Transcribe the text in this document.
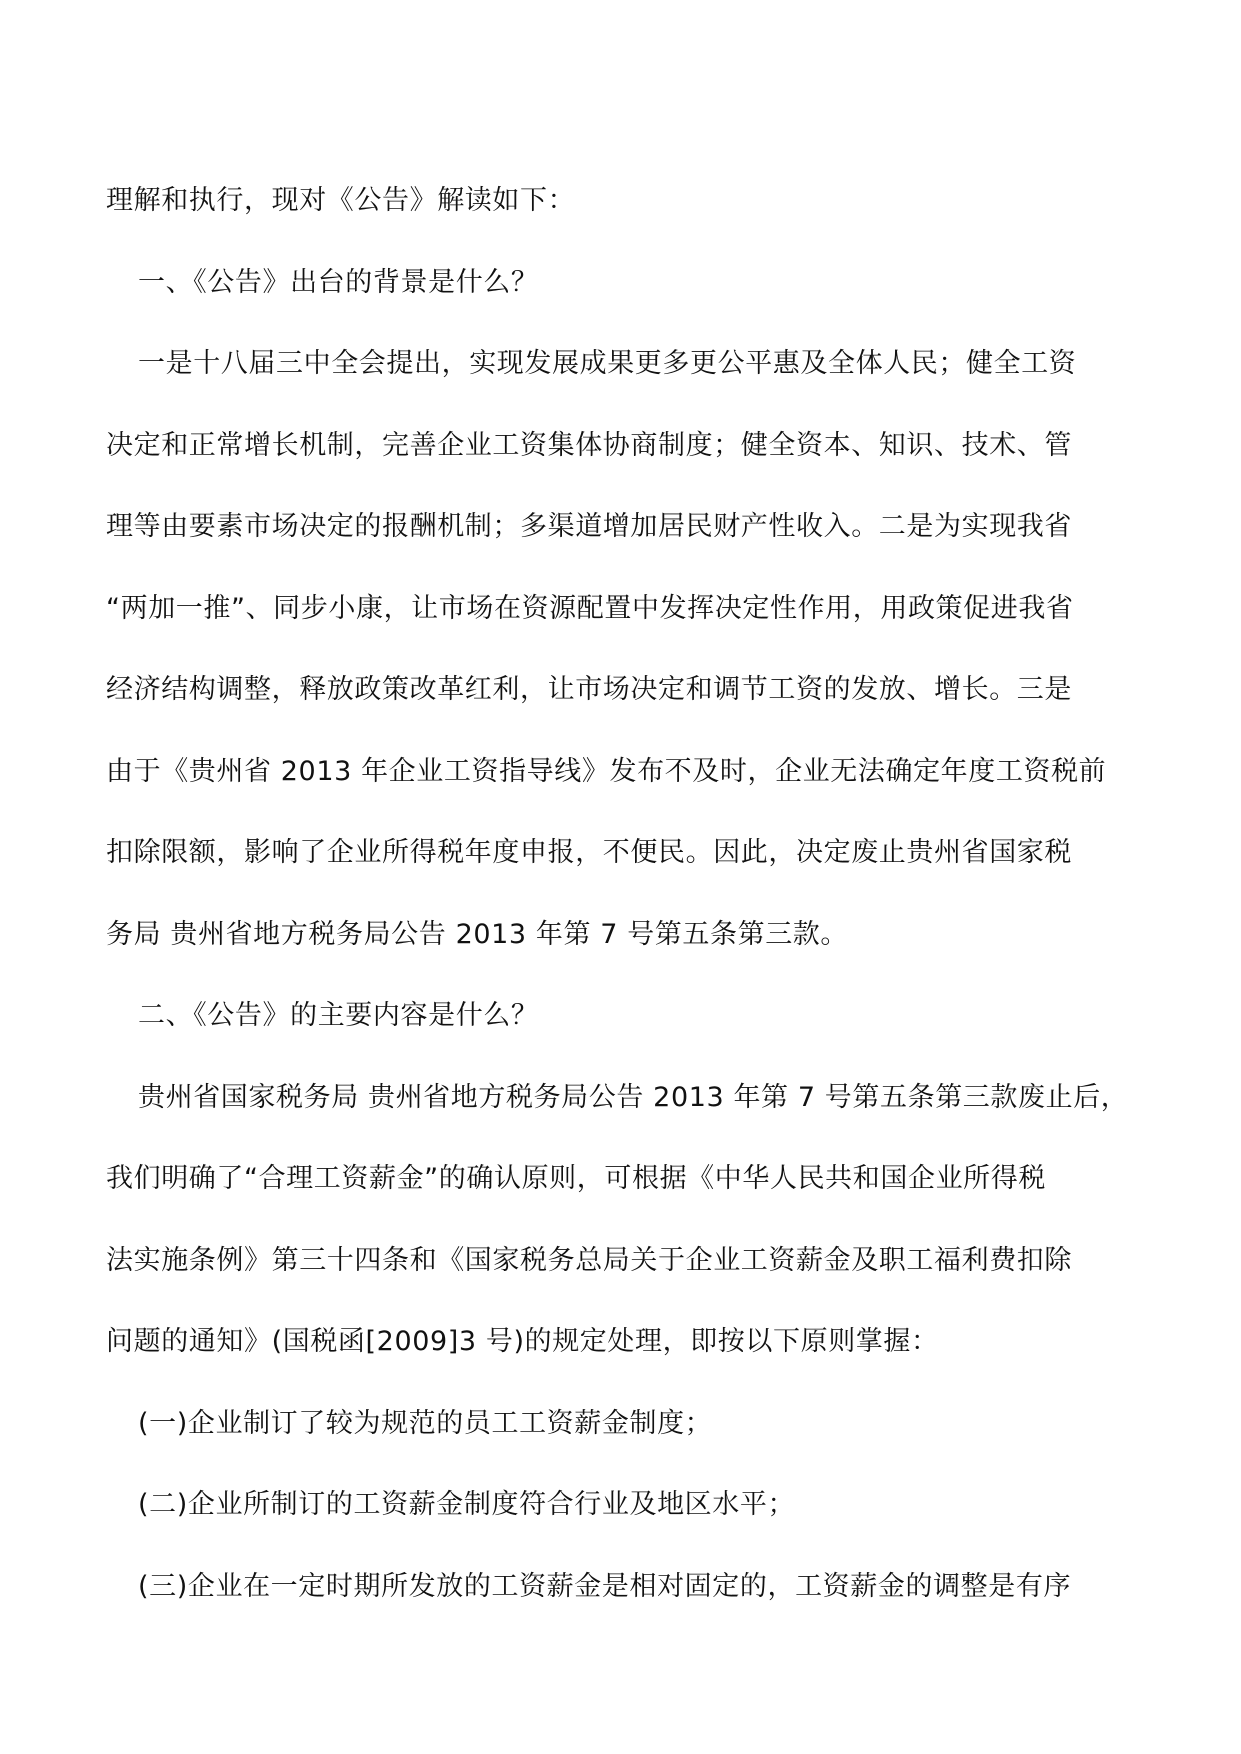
理解和执行，现对《公告》解读如下：
一、《公告》出台的背景是什么？
一是十八届三中全会提出，实现发展成果更多更公平惠及全体人民；健全工资
决定和正常增长机制，完善企业工资集体协商制度；健全资本、知识、技术、管
理等由要素市场决定的报酬机制；多渠道增加居民财产性收入。二是为实现我省
“两加一推”、同步小康，让市场在资源配置中发挥决定性作用，用政策促进我省
经济结构调整，释放政策改革红利，让市场决定和调节工资的发放、增长。三是
由于《贵州省 2013 年企业工资指导线》发布不及时，企业无法确定年度工资税前
扣除限额，影响了企业所得税年度申报，不便民。因此，决定废止贵州省国家税
务局 贵州省地方税务局公告 2013 年第 7 号第五条第三款。
二、《公告》的主要内容是什么？
贵州省国家税务局 贵州省地方税务局公告 2013 年第 7 号第五条第三款废止后，
我们明确了“合理工资薪金”的确认原则，可根据《中华人民共和国企业所得税
法实施条例》第三十四条和《国家税务总局关于企业工资薪金及职工福利费扣除
问题的通知》(国税函[2009]3 号)的规定处理，即按以下原则掌握：
(一)企业制订了较为规范的员工工资薪金制度；
(二)企业所制订的工资薪金制度符合行业及地区水平；
(三)企业在一定时期所发放的工资薪金是相对固定的，工资薪金的调整是有序
